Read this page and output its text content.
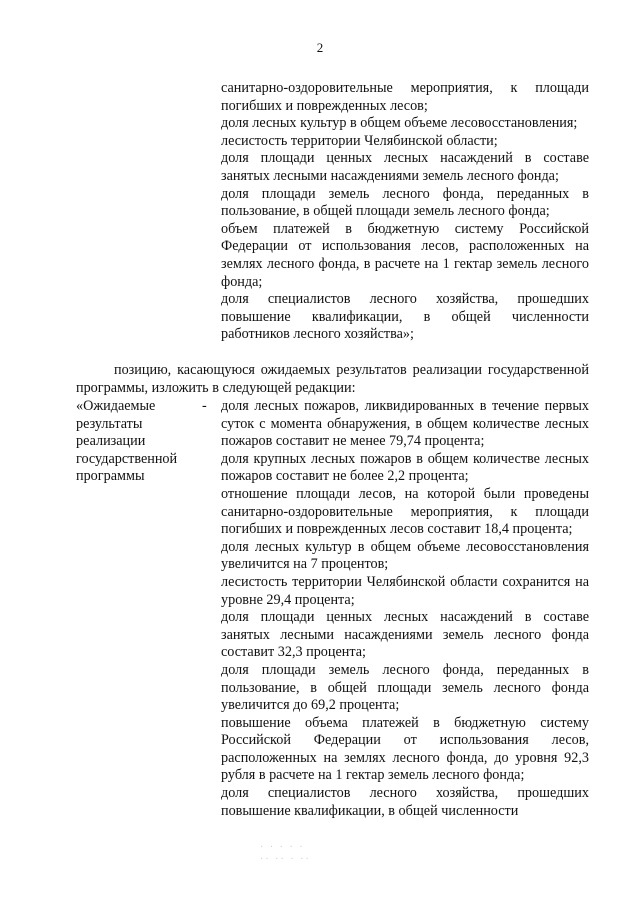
2

санитарно-оздоровительные мероприятия, к площади погибших и поврежденных лесов;

доля лесных культур в общем объеме лесовосстановления;

лесистость территории Челябинской области;

доля площади ценных лесных насаждений в составе занятых лесными насаждениями земель лесного фонда;

доля площади земель лесного фонда, переданных в пользование, в общей площади земель лесного фонда;

объем платежей в бюджетную систему Российской Федерации от использования лесов, расположенных на землях лесного фонда, в расчете на 1 гектар земель лесного фонда;

доля специалистов лесного хозяйства, прошедших повышение квалификации, в общей численности работников лесного хозяйства»;

позицию, касающуюся ожидаемых результатов реализации государственной программы, изложить в следующей редакции:
«Ожидаемые результаты реализации государственной программы
- доля лесных пожаров, ликвидированных в течение первых суток с момента обнаружения, в общем количестве лесных пожаров составит не менее 79,74 процента;

доля крупных лесных пожаров в общем количестве лесных пожаров составит не более 2,2 процента;

отношение площади лесов, на которой были проведены санитарно-оздоровительные мероприятия, к площади погибших и поврежденных лесов составит 18,4 процента;

доля лесных культур в общем объеме лесовосстановления увеличится на 7 процентов;

лесистость территории Челябинской области сохранится на уровне 29,4 процента;

доля площади ценных лесных насаждений в составе занятых лесными насаждениями земель лесного фонда составит 32,3 процента;

доля площади земель лесного фонда, переданных в пользование, в общей площади земель лесного фонда увеличится до 69,2 процента;

повышение объема платежей в бюджетную систему Российской Федерации от использования лесов, расположенных на землях лесного фонда, до уровня 92,3 рубля в расчете на 1 гектар земель лесного фонда;

доля специалистов лесного хозяйства, прошедших повышение квалификации, в общей численности

· · · · ·
·· ·· · ··
